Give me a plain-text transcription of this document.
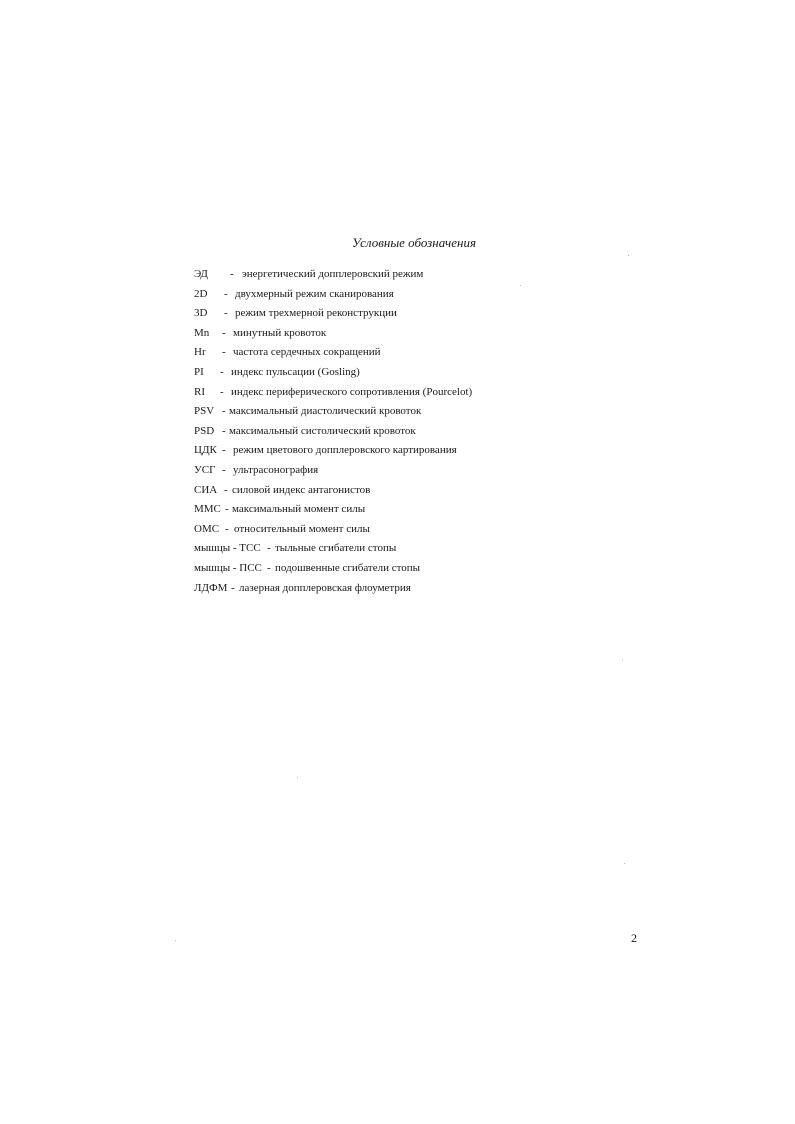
Условные обозначения
ЭД - энергетический допплеровский режим
2D - двухмерный режим сканирования
3D - режим трехмерной реконструкции
Mn - минутный кровоток
Hr - частота сердечных сокращений
PI - индекс пульсации (Gosling)
RI - индекс периферического сопротивления (Pourcelot)
PSV - максимальный диастолический кровоток
PSD - максимальный систолический кровоток
ЦДК - режим цветового допплеровского картирования
УСГ - ультрасонография
СИА - силовой индекс антагонистов
ММС - максимальный момент силы
ОМС - относительный момент силы
мышцы - ТСС - тыльные сгибатели стопы
мышцы - ПСС - подошвенные сгибатели стопы
ЛДФМ - лазерная допплеровская флоуметрия
2
